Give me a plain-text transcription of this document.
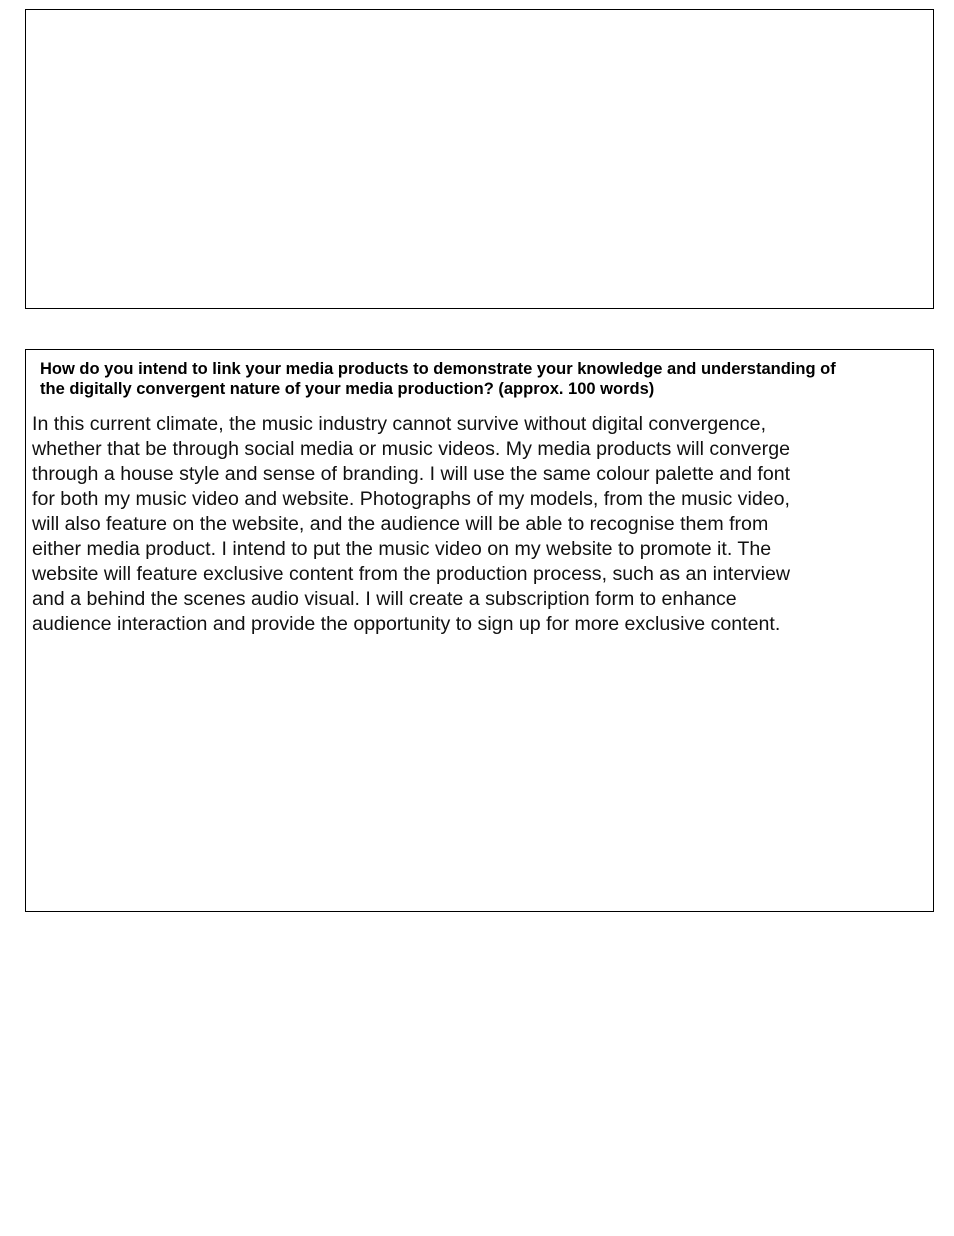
How do you intend to link your media products to demonstrate your knowledge and understanding of
the digitally convergent nature of your media production? (approx. 100 words)

In this current climate, the music industry cannot survive without digital convergence,
whether that be through social media or music videos. My media products will converge
through a house style and sense of branding. I will use the same colour palette and font
for both my music video and website. Photographs of my models, from the music video,
will also feature on the website, and the audience will be able to recognise them from
either media product. I intend to put the music video on my website to promote it. The
website will feature exclusive content from the production process, such as an interview
and a behind the scenes audio visual. I will create a subscription form to enhance
audience interaction and provide the opportunity to sign up for more exclusive content.
